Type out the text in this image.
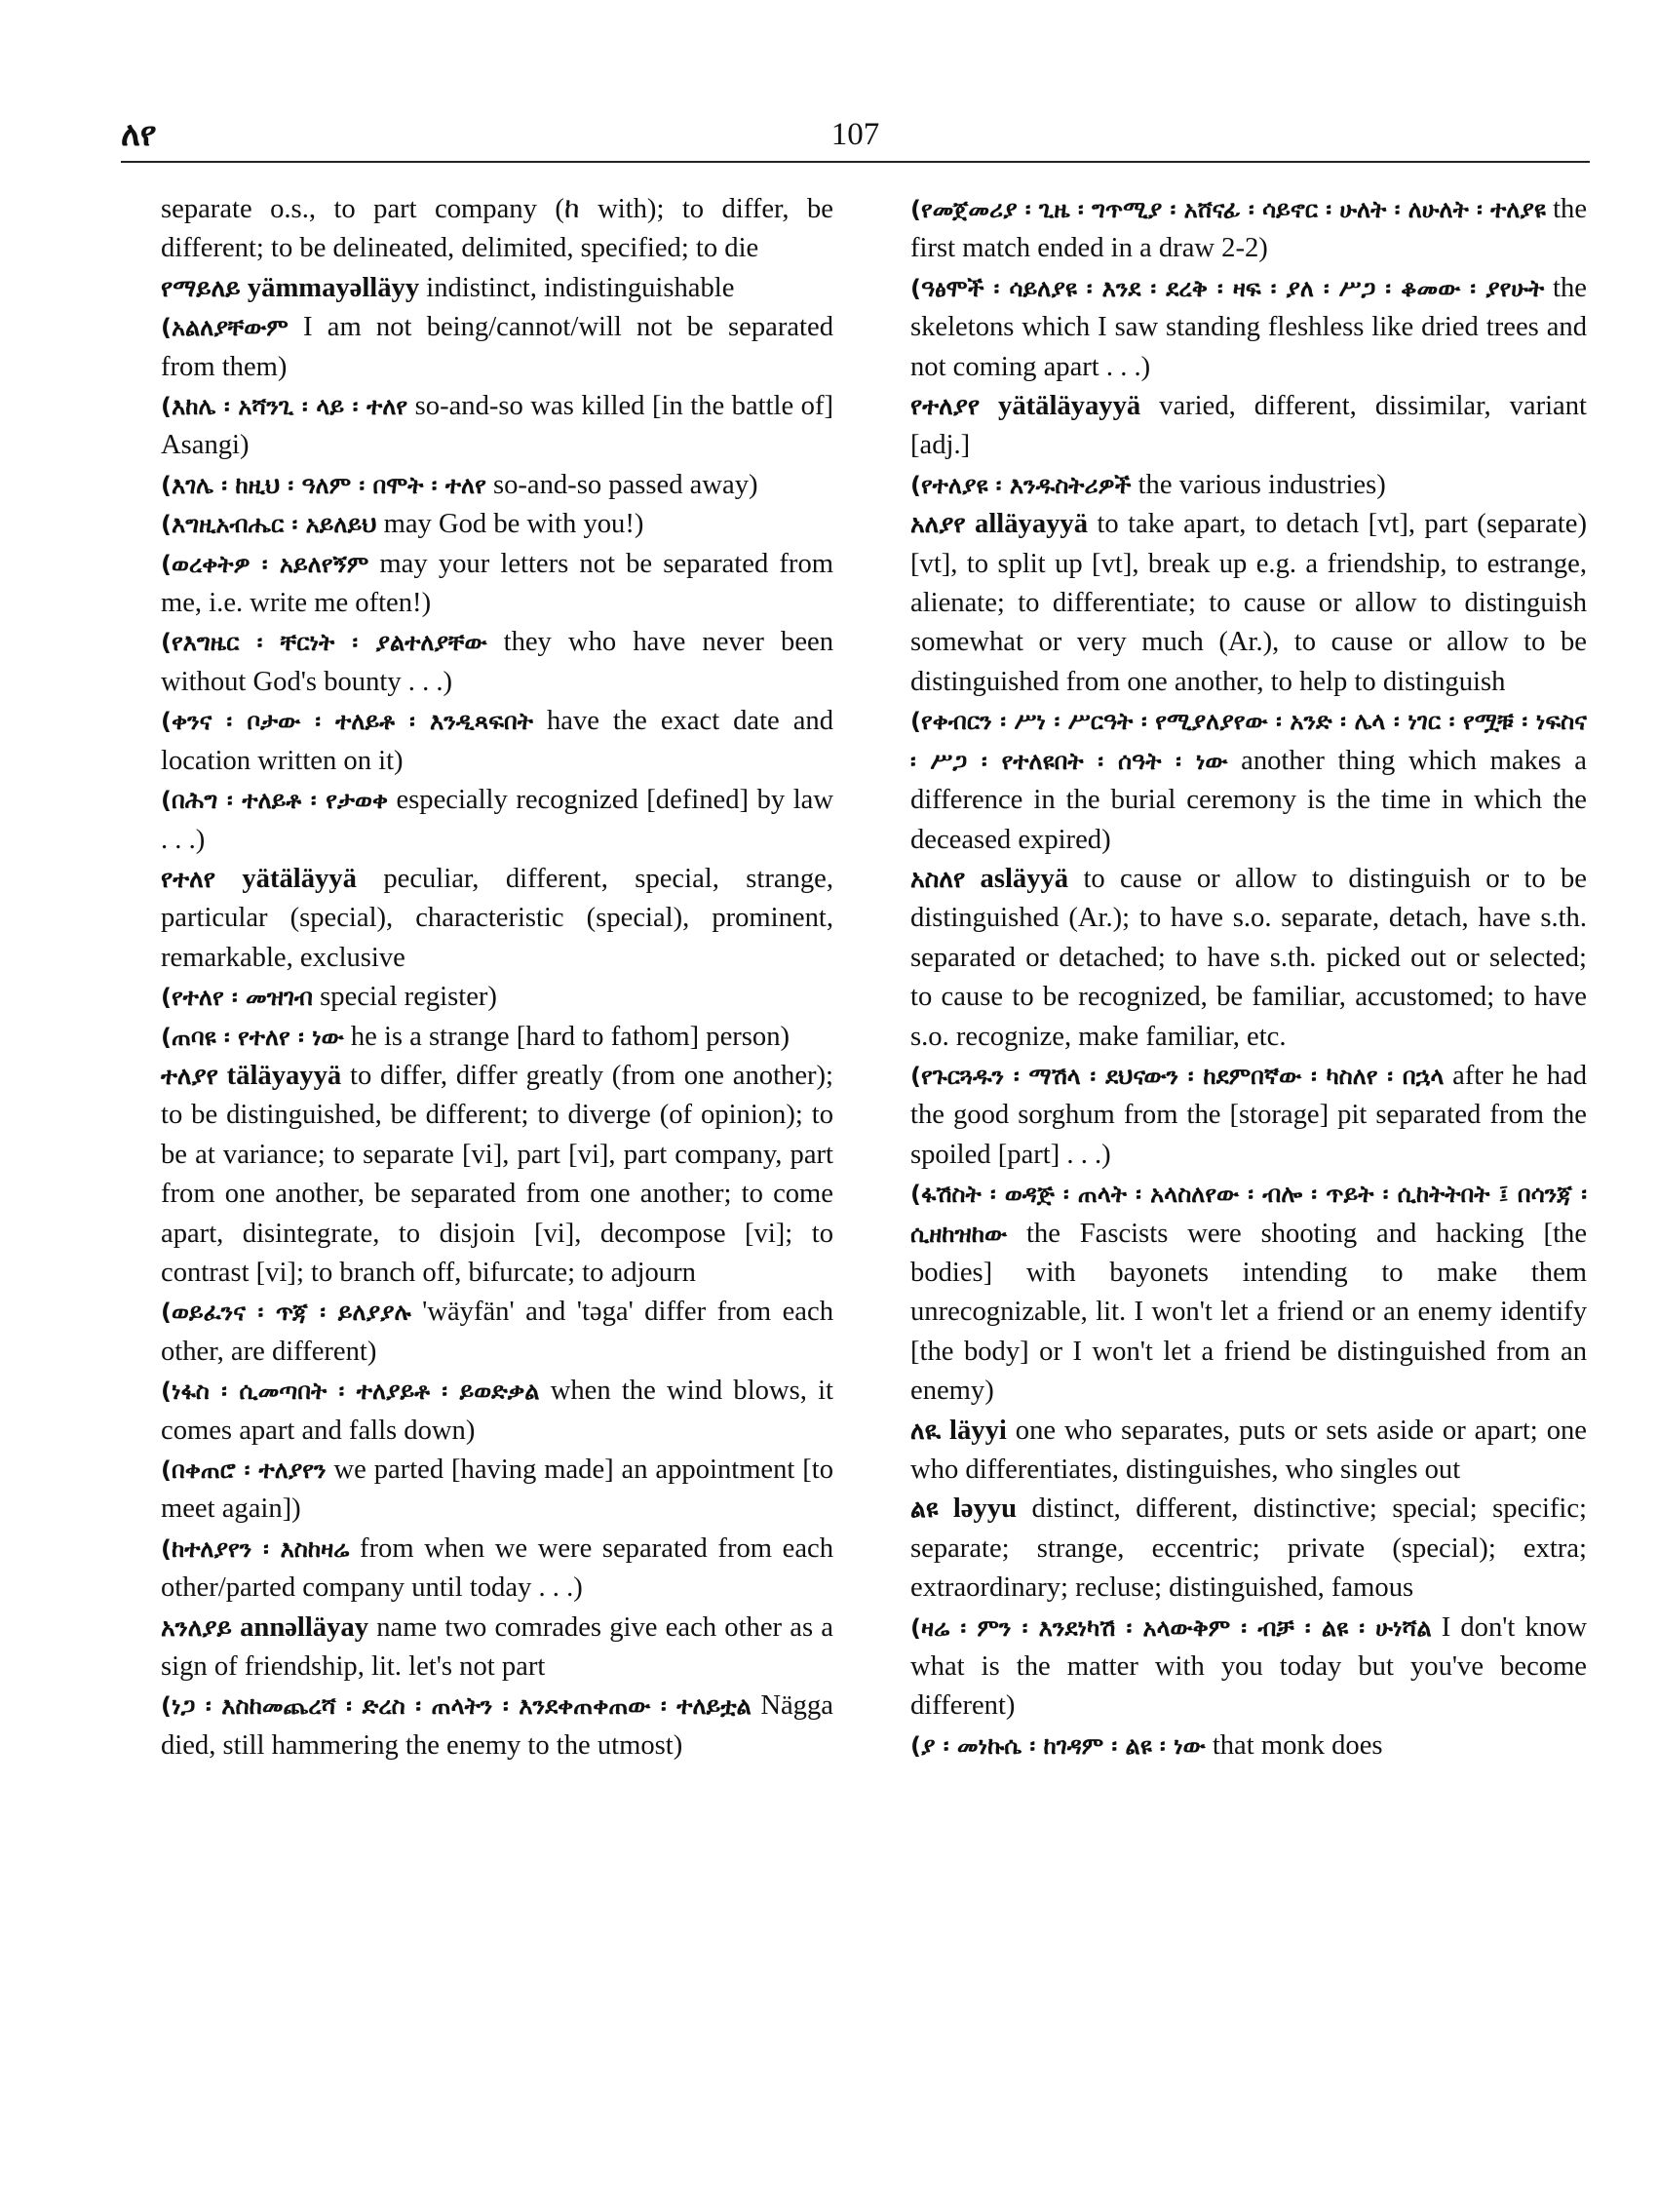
ለየ	107

separate o.s., to part company (ከ with); to differ, be different; to be delineated, delimited, specified; to die

የማይለይ yämmayəlläyy indistinct, indistinguishable

(አልለያቸውም I am not being/cannot/will not be separated from them)

(እከሌ ፡ አሻንጊ ፡ ላይ ፡ ተለየ so-and-so was killed [in the battle of] Asangi)

(እገሌ ፡ ከዚህ ፡ ዓለም ፡ በሞት ፡ ተለየ so-and-so passed away)

(እግዚአብሔር ፡ አይለይህ may God be with you!)

(ወረቀትዎ ፡ አይለየኝም may your letters not be separated from me, i.e. write me often!)

(የእግዜር ፡ ቸርነት ፡ ያልተለያቸው they who have never been without God's bounty . . .)

(ቀንና ፡ ቦታው ፡ ተለይቶ ፡ እንዲጻፍበት have the exact date and location written on it)

(በሕግ ፡ ተለይቶ ፡ የታወቀ especially recognized [defined] by law . . .)

የተለየ yätäläyyä peculiar, different, special, strange, particular (special), characteristic (special), prominent, remarkable, exclusive

(የተለየ ፡ መዝገብ special register)

(ጠባዩ ፡ የተለየ ፡ ነው he is a strange [hard to fathom] person)

ተለያየ täläyayyä to differ, differ greatly (from one another); to be distinguished, be different; to diverge (of opinion); to be at variance; to separate [vi], part [vi], part company, part from one another, be separated from one another; to come apart, disintegrate, to disjoin [vi], decompose [vi]; to contrast [vi]; to branch off, bifurcate; to adjourn

(ወይፈንና ፡ ጥጃ ፡ ይለያያሉ 'wäyfän' and 'təga' differ from each other, are different)

(ነፋስ ፡ ሲመጣበት ፡ ተለያይቶ ፡ ይወድቃል when the wind blows, it comes apart and falls down)

(በቀጠሮ ፡ ተለያየን we parted [having made] an appointment [to meet again])

(ከተለያየን ፡ እስከዛሬ from when we were separated from each other/parted company until today . . .)

አንለያይ annəlläyay name two comrades give each other as a sign of friendship, lit. let's not part

(ነጋ ፡ እስከመጨረሻ ፡ ድረስ ፡ ጠላትን ፡ እንደቀጠቀጠው ፡ ተለይቷል Nägga died, still hammering the enemy to the utmost)

(የመጀመሪያ ፡ ጊዜ ፡ ግጥሚያ ፡ አሸናፊ ፡ ሳይኖር ፡ ሁለት ፡ ለሁለት ፡ ተለያዩ the first match ended in a draw 2-2)

(ዓፅሞች ፡ ሳይለያዩ ፡ እንደ ፡ ደረቅ ፡ ዛፍ ፡ ያለ ፡ ሥጋ ፡ ቆመው ፡ ያየሁት the skeletons which I saw standing fleshless like dried trees and not coming apart . . .)

የተለያየ yätäläyayyä varied, different, dissimilar, variant [adj.]

(የተለያዩ ፡ እንዱስትሪዎች the various industries)

አለያየ alläyayyä to take apart, to detach [vt], part (separate) [vt], to split up [vt], break up e.g. a friendship, to estrange, alienate; to differentiate; to cause or allow to distinguish somewhat or very much (Ar.), to cause or allow to be distinguished from one another, to help to distinguish

(የቀብርን ፡ ሥነ ፡ ሥርዓት ፡ የሚያለያየው ፡ አንድ ፡ ሌላ ፡ ነገር ፡ የሟቹ ፡ ነፍስና ፡ ሥጋ ፡ የተለዩበት ፡ ሰዓት ፡ ነው another thing which makes a difference in the burial ceremony is the time in which the deceased expired)

አስለየ asläyyä to cause or allow to distinguish or to be distinguished (Ar.); to have s.o. separate, detach, have s.th. separated or detached; to have s.th. picked out or selected; to cause to be recognized, be familiar, accustomed; to have s.o. recognize, make familiar, etc.

(የጉርጓዱን ፡ ማሽላ ፡ ደህናውን ፡ ከደምበኛው ፡ ካስለየ ፡ በኋላ after he had the good sorghum from the [storage] pit separated from the spoiled [part] . . .)

(ፋሽስት ፡ ወዳጅ ፡ ጠላት ፡ አላስለየው ፡ ብሎ ፡ ጥይት ፡ ሲከትትበት ፤ በሳንጃ ፡ ሲዘከዝከው the Fascists were shooting and hacking [the bodies] with bayonets intending to make them unrecognizable, lit. I won't let a friend or an enemy identify [the body] or I won't let a friend be distinguished from an enemy)

ለዪ läyyi one who separates, puts or sets aside or apart; one who differentiates, distinguishes, who singles out

ልዩ ləyyu distinct, different, distinctive; special; specific; separate; strange, eccentric; private (special); extra; extraordinary; recluse; distinguished, famous

(ዛሬ ፡ ምን ፡ እንደነካሽ ፡ አላውቅም ፡ ብቻ ፡ ልዩ ፡ ሁነሻል I don't know what is the matter with you today but you've become different)

(ያ ፡ መነኩሴ ፡ ከገዳም ፡ ልዩ ፡ ነው that monk does
